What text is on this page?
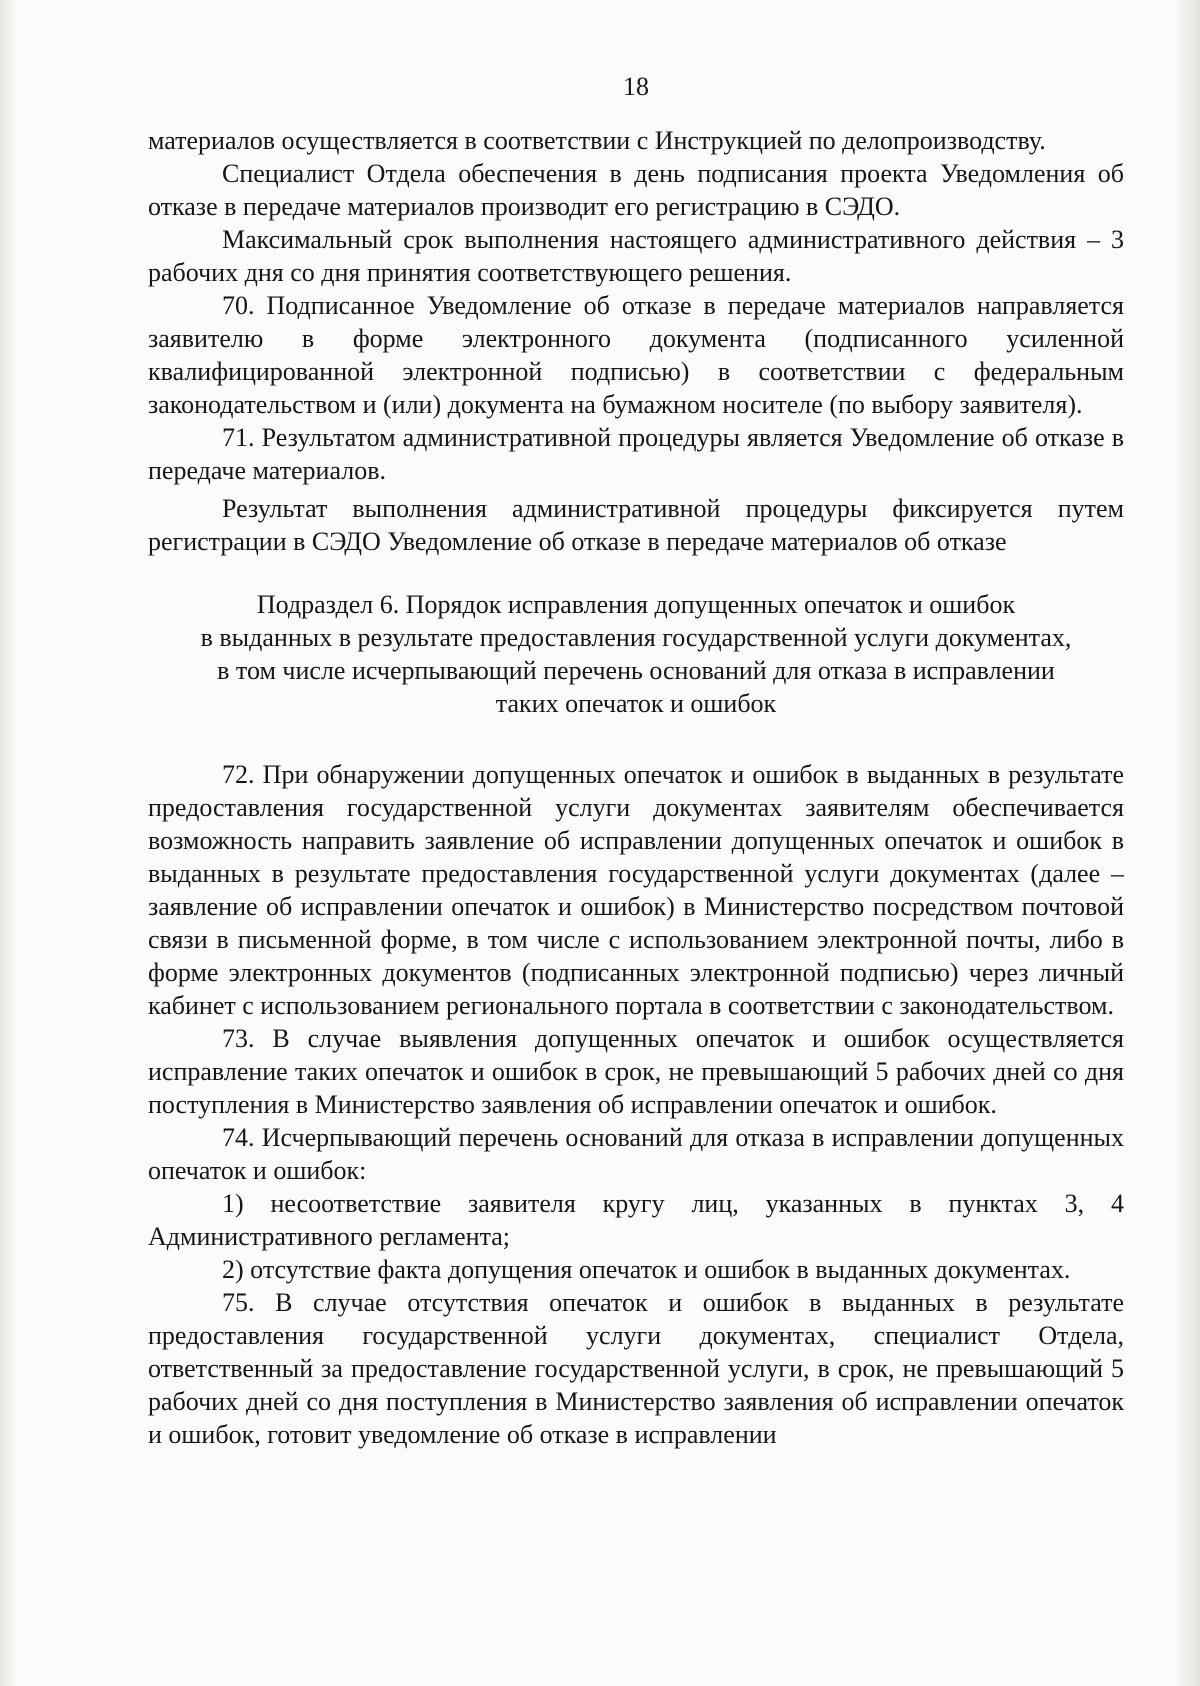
18

материалов осуществляется в соответствии с Инструкцией по делопроизводству.

Специалист Отдела обеспечения в день подписания проекта Уведомления об отказе в передаче материалов производит его регистрацию в СЭДО.

Максимальный срок выполнения настоящего административного действия – 3 рабочих дня со дня принятия соответствующего решения.

70. Подписанное Уведомление об отказе в передаче материалов направляется заявителю в форме электронного документа (подписанного усиленной квалифицированной электронной подписью) в соответствии с федеральным законодательством и (или) документа на бумажном носителе (по выбору заявителя).

71. Результатом административной процедуры является Уведомление об отказе в передаче материалов.

Результат выполнения административной процедуры фиксируется путем регистрации в СЭДО Уведомление об отказе в передаче материалов об отказе

Подраздел 6. Порядок исправления допущенных опечаток и ошибок
в выданных в результате предоставления государственной услуги документах,
в том числе исчерпывающий перечень оснований для отказа в исправлении
таких опечаток и ошибок

72. При обнаружении допущенных опечаток и ошибок в выданных в результате предоставления государственной услуги документах заявителям обеспечивается возможность направить заявление об исправлении допущенных опечаток и ошибок в выданных в результате предоставления государственной услуги документах (далее – заявление об исправлении опечаток и ошибок) в Министерство посредством почтовой связи в письменной форме, в том числе с использованием электронной почты, либо в форме электронных документов (подписанных электронной подписью) через личный кабинет с использованием регионального портала в соответствии с законодательством.

73. В случае выявления допущенных опечаток и ошибок осуществляется исправление таких опечаток и ошибок в срок, не превышающий 5 рабочих дней со дня поступления в Министерство заявления об исправлении опечаток и ошибок.

74. Исчерпывающий перечень оснований для отказа в исправлении допущенных опечаток и ошибок:

1) несоответствие заявителя кругу лиц, указанных в пунктах 3, 4 Административного регламента;

2) отсутствие факта допущения опечаток и ошибок в выданных документах.

75. В случае отсутствия опечаток и ошибок в выданных в результате предоставления государственной услуги документах, специалист Отдела, ответственный за предоставление государственной услуги, в срок, не превышающий 5 рабочих дней со дня поступления в Министерство заявления об исправлении опечаток и ошибок, готовит уведомление об отказе в исправлении
